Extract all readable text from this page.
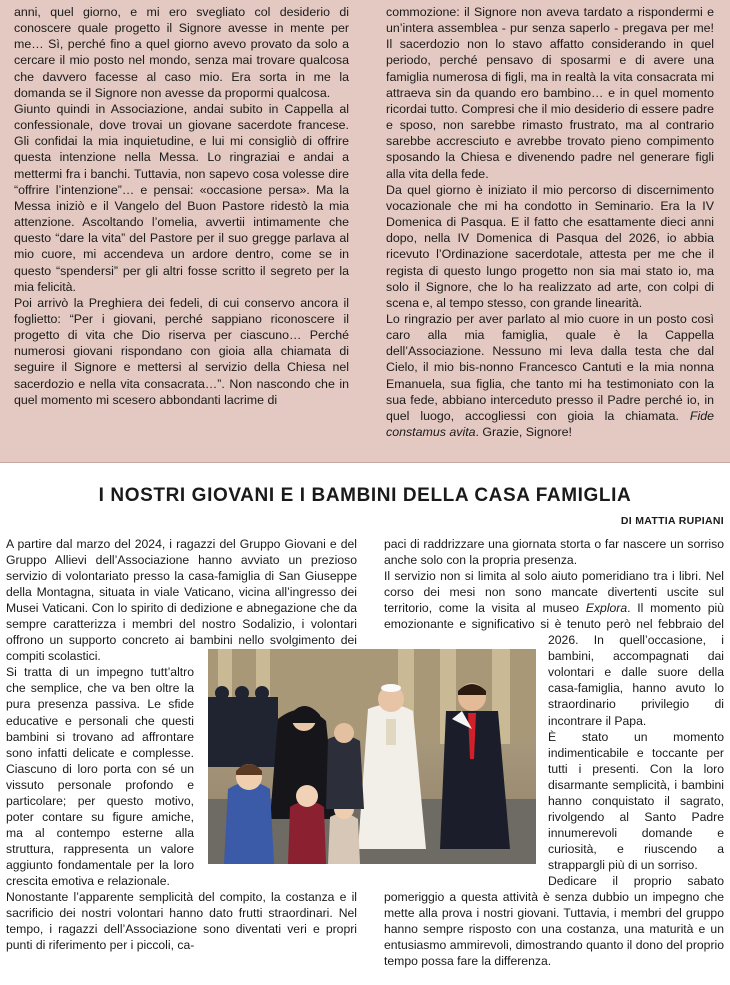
anni, quel giorno, e mi ero svegliato col desiderio di conoscere quale progetto il Signore avesse in mente per me… Sì, perché fino a quel giorno avevo provato da solo a cercare il mio posto nel mondo, senza mai trovare qualcosa che davvero facesse al caso mio. Era sorta in me la domanda se il Signore non avesse da propormi qualcosa.

Giunto quindi in Associazione, andai subito in Cappella al confessionale, dove trovai un giovane sacerdote francese. Gli confidai la mia inquietudine, e lui mi consigliò di offrire questa intenzione nella Messa. Lo ringraziai e andai a mettermi fra i banchi. Tuttavia, non sapevo cosa volesse dire “offrire l’intenzione”… e pensai: «occasione persa». Ma la Messa iniziò e il Vangelo del Buon Pastore ridestò la mia attenzione. Ascoltando l’omelia, avvertii intimamente che questo “dare la vita” del Pastore per il suo gregge parlava al mio cuore, mi accendeva un ardore dentro, come se in questo “spendersi” per gli altri fosse scritto il segreto per la mia felicità.

Poi arrivò la Preghiera dei fedeli, di cui conservo ancora il foglietto: “Per i giovani, perché sappiano riconoscere il progetto di vita che Dio riserva per ciascuno… Perché numerosi giovani rispondano con gioia alla chiamata di seguire il Signore e mettersi al servizio della Chiesa nel sacerdozio e nella vita consacrata…”. Non nascondo che in quel momento mi scesero abbondanti lacrime di

commozione: il Signore non aveva tardato a rispondermi e un’intera assemblea - pur senza saperlo - pregava per me! Il sacerdozio non lo stavo affatto considerando in quel periodo, perché pensavo di sposarmi e di avere una famiglia numerosa di figli, ma in realtà la vita consacrata mi attraeva sin da quando ero bambino… e in quel momento ricordai tutto. Compresi che il mio desiderio di essere padre e sposo, non sarebbe rimasto frustrato, ma al contrario sarebbe accresciuto e avrebbe trovato pieno compimento sposando la Chiesa e divenendo padre nel generare figli alla vita della fede.

Da quel giorno è iniziato il mio percorso di discernimento vocazionale che mi ha condotto in Seminario. Era la IV Domenica di Pasqua. E il fatto che esattamente dieci anni dopo, nella IV Domenica di Pasqua del 2026, io abbia ricevuto l’Ordinazione sacerdotale, attesta per me che il regista di questo lungo progetto non sia mai stato io, ma solo il Signore, che lo ha realizzato ad arte, con colpi di scena e, al tempo stesso, con grande linearità.

Lo ringrazio per aver parlato al mio cuore in un posto così caro alla mia famiglia, quale è la Cappella dell’Associazione. Nessuno mi leva dalla testa che dal Cielo, il mio bis-nonno Francesco Cantuti e la mia nonna Emanuela, sua figlia, che tanto mi ha testimoniato con la sua fede, abbiano interceduto presso il Padre perché io, in quel luogo, accogliessi con gioia la chiamata. Fide constamus avita. Grazie, Signore!

I NOSTRI GIOVANI E I BAMBINI DELLA CASA FAMIGLIA
DI MATTIA RUPIANI

A partire dal marzo del 2024, i ragazzi del Gruppo Giovani e del Gruppo Allievi dell’Associazione hanno avviato un prezioso servizio di volontariato presso la casa-famiglia di San Giuseppe della Montagna, situata in viale Vaticano, vicina all’ingresso dei Musei Vaticani. Con lo spirito di dedizione e abnegazione che da sempre caratterizza i membri del nostro Sodalizio, i volontari offrono un supporto concreto ai bambini nello svolgimento dei compiti scolastici.

Si tratta di un impegno tutt’altro che semplice, che va ben oltre la pura presenza passiva. Le sfide educative e personali che questi bambini si trovano ad affrontare sono infatti delicate e complesse. Ciascuno di loro porta con sé un vissuto personale profondo e particolare; per questo motivo, poter contare su figure amiche, ma al contempo esterne alla struttura, rappresenta un valore aggiunto fondamentale per la loro crescita emotiva e relazionale.

Nonostante l’apparente semplicità del compito, la costanza e il sacrificio dei nostri volontari hanno dato frutti straordinari. Nel tempo, i ragazzi dell’Associazione sono diventati veri e propri punti di riferimento per i piccoli, ca-

paci di raddrizzare una giornata storta o far nascere un sorriso anche solo con la propria presenza.

Il servizio non si limita al solo aiuto pomeridiano tra i libri. Nel corso dei mesi non sono mancate divertenti uscite sul territorio, come la visita al museo Explora. Il momento più emozionante e significativo si è tenuto però nel febbraio del 2026. In quell’occasione, i bambini, accompagnati dai volontari e dalle suore della casa-famiglia, hanno avuto lo straordinario privilegio di incontrare il Papa.

È stato un momento indimenticabile e toccante per tutti i presenti. Con la loro disarmante semplicità, i bambini hanno conquistato il sagrato, rivolgendo al Santo Padre innumerevoli domande e curiosità, e riuscendo a strappargli più di un sorriso.

Dedicare il proprio sabato pomeriggio a questa attività è senza dubbio un impegno che mette alla prova i nostri giovani. Tuttavia, i membri del gruppo hanno sempre risposto con una costanza, una maturità e un entusiasmo ammirevoli, dimostrando quanto il dono del proprio tempo possa fare la differenza.
